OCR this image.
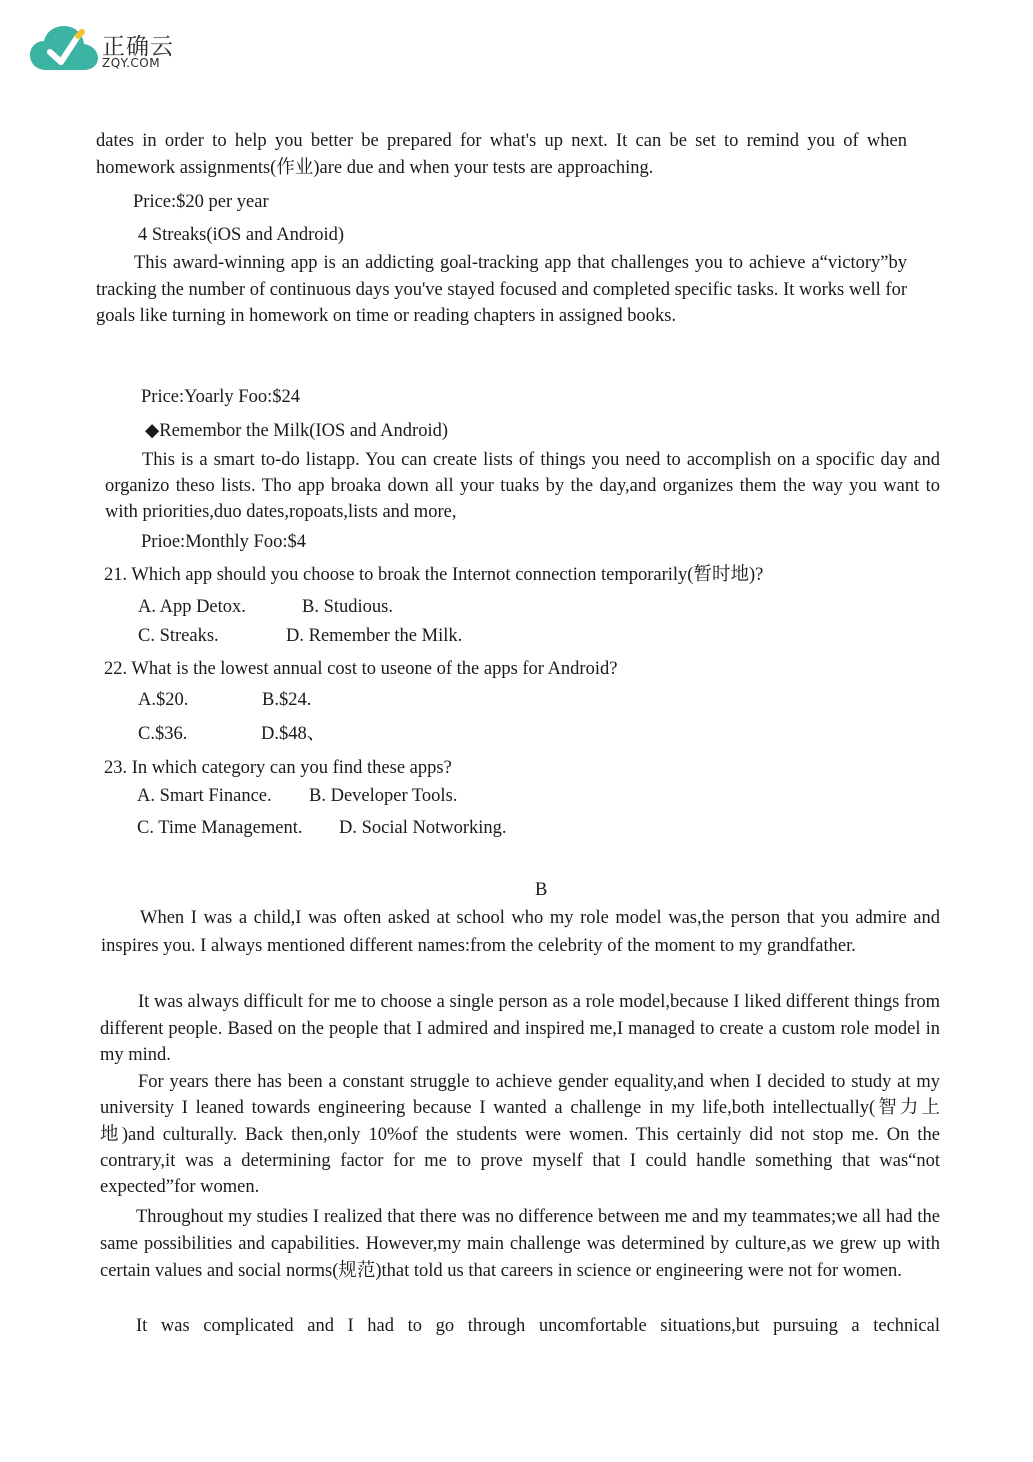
正确云
ZQY.COM

dates in order to help you better be prepared for what's up next. It can be set to remind you of when homework assignments(作业)are due and when your tests are approaching.

Price:$20 per year
4 Streaks(iOS and Android)

This award-winning app is an addicting goal-tracking app that challenges you to achieve a“victory”by tracking the number of continuous days you've stayed focused and completed specific tasks. It works well for goals like turning in homework on time or reading chapters in assigned books.

Price:Yoarly Foo:$24
◆Remembor the Milk(IOS and Android)

This is a smart to-do listapp. You can create lists of things you need to accomplish on a spocific day and organizo theso lists. Tho app broaka down all your tuaks by the day,and organizes them the way you want to with priorities,duo dates,ropoats,lists and more,

Prioe:Monthly Foo:$4
21. Which app should you choose to broak the Internot connection temporarily(暂时地)?
A. App Detox.	B. Studious.
C. Streaks.	D. Remember the Milk.
22. What is the lowest annual cost to useone of the apps for Android?
A.$20.	B.$24.
C.$36.	D.$48、
23. In which category can you find these apps?
A. Smart Finance. B. Developer Tools.
C. Time Management. D. Social Notworking.
B

When I was a child,I was often asked at school who my role model was,the person that you admire and inspires you. I always mentioned different names:from the celebrity of the moment to my grandfather.

It was always difficult for me to choose a single person as a role model,because I liked different things from different people. Based on the people that I admired and inspired me,I managed to create a custom role model in my mind.

For years there has been a constant struggle to achieve gender equality,and when I decided to study at my university I leaned towards engineering because I wanted a challenge in my life,both intellectually(智力上地)and culturally. Back then,only 10%of the students were women. This certainly did not stop me. On the contrary,it was a determining factor for me to prove myself that I could handle something that was“not expected”for women.

Throughout my studies I realized that there was no difference between me and my teammates;we all had the same possibilities and capabilities. However,my main challenge was determined by culture,as we grew up with certain values and social norms(规范)that told us that careers in science or engineering were not for women.

It was complicated and I had to go through uncomfortable situations,but pursuing a technical
